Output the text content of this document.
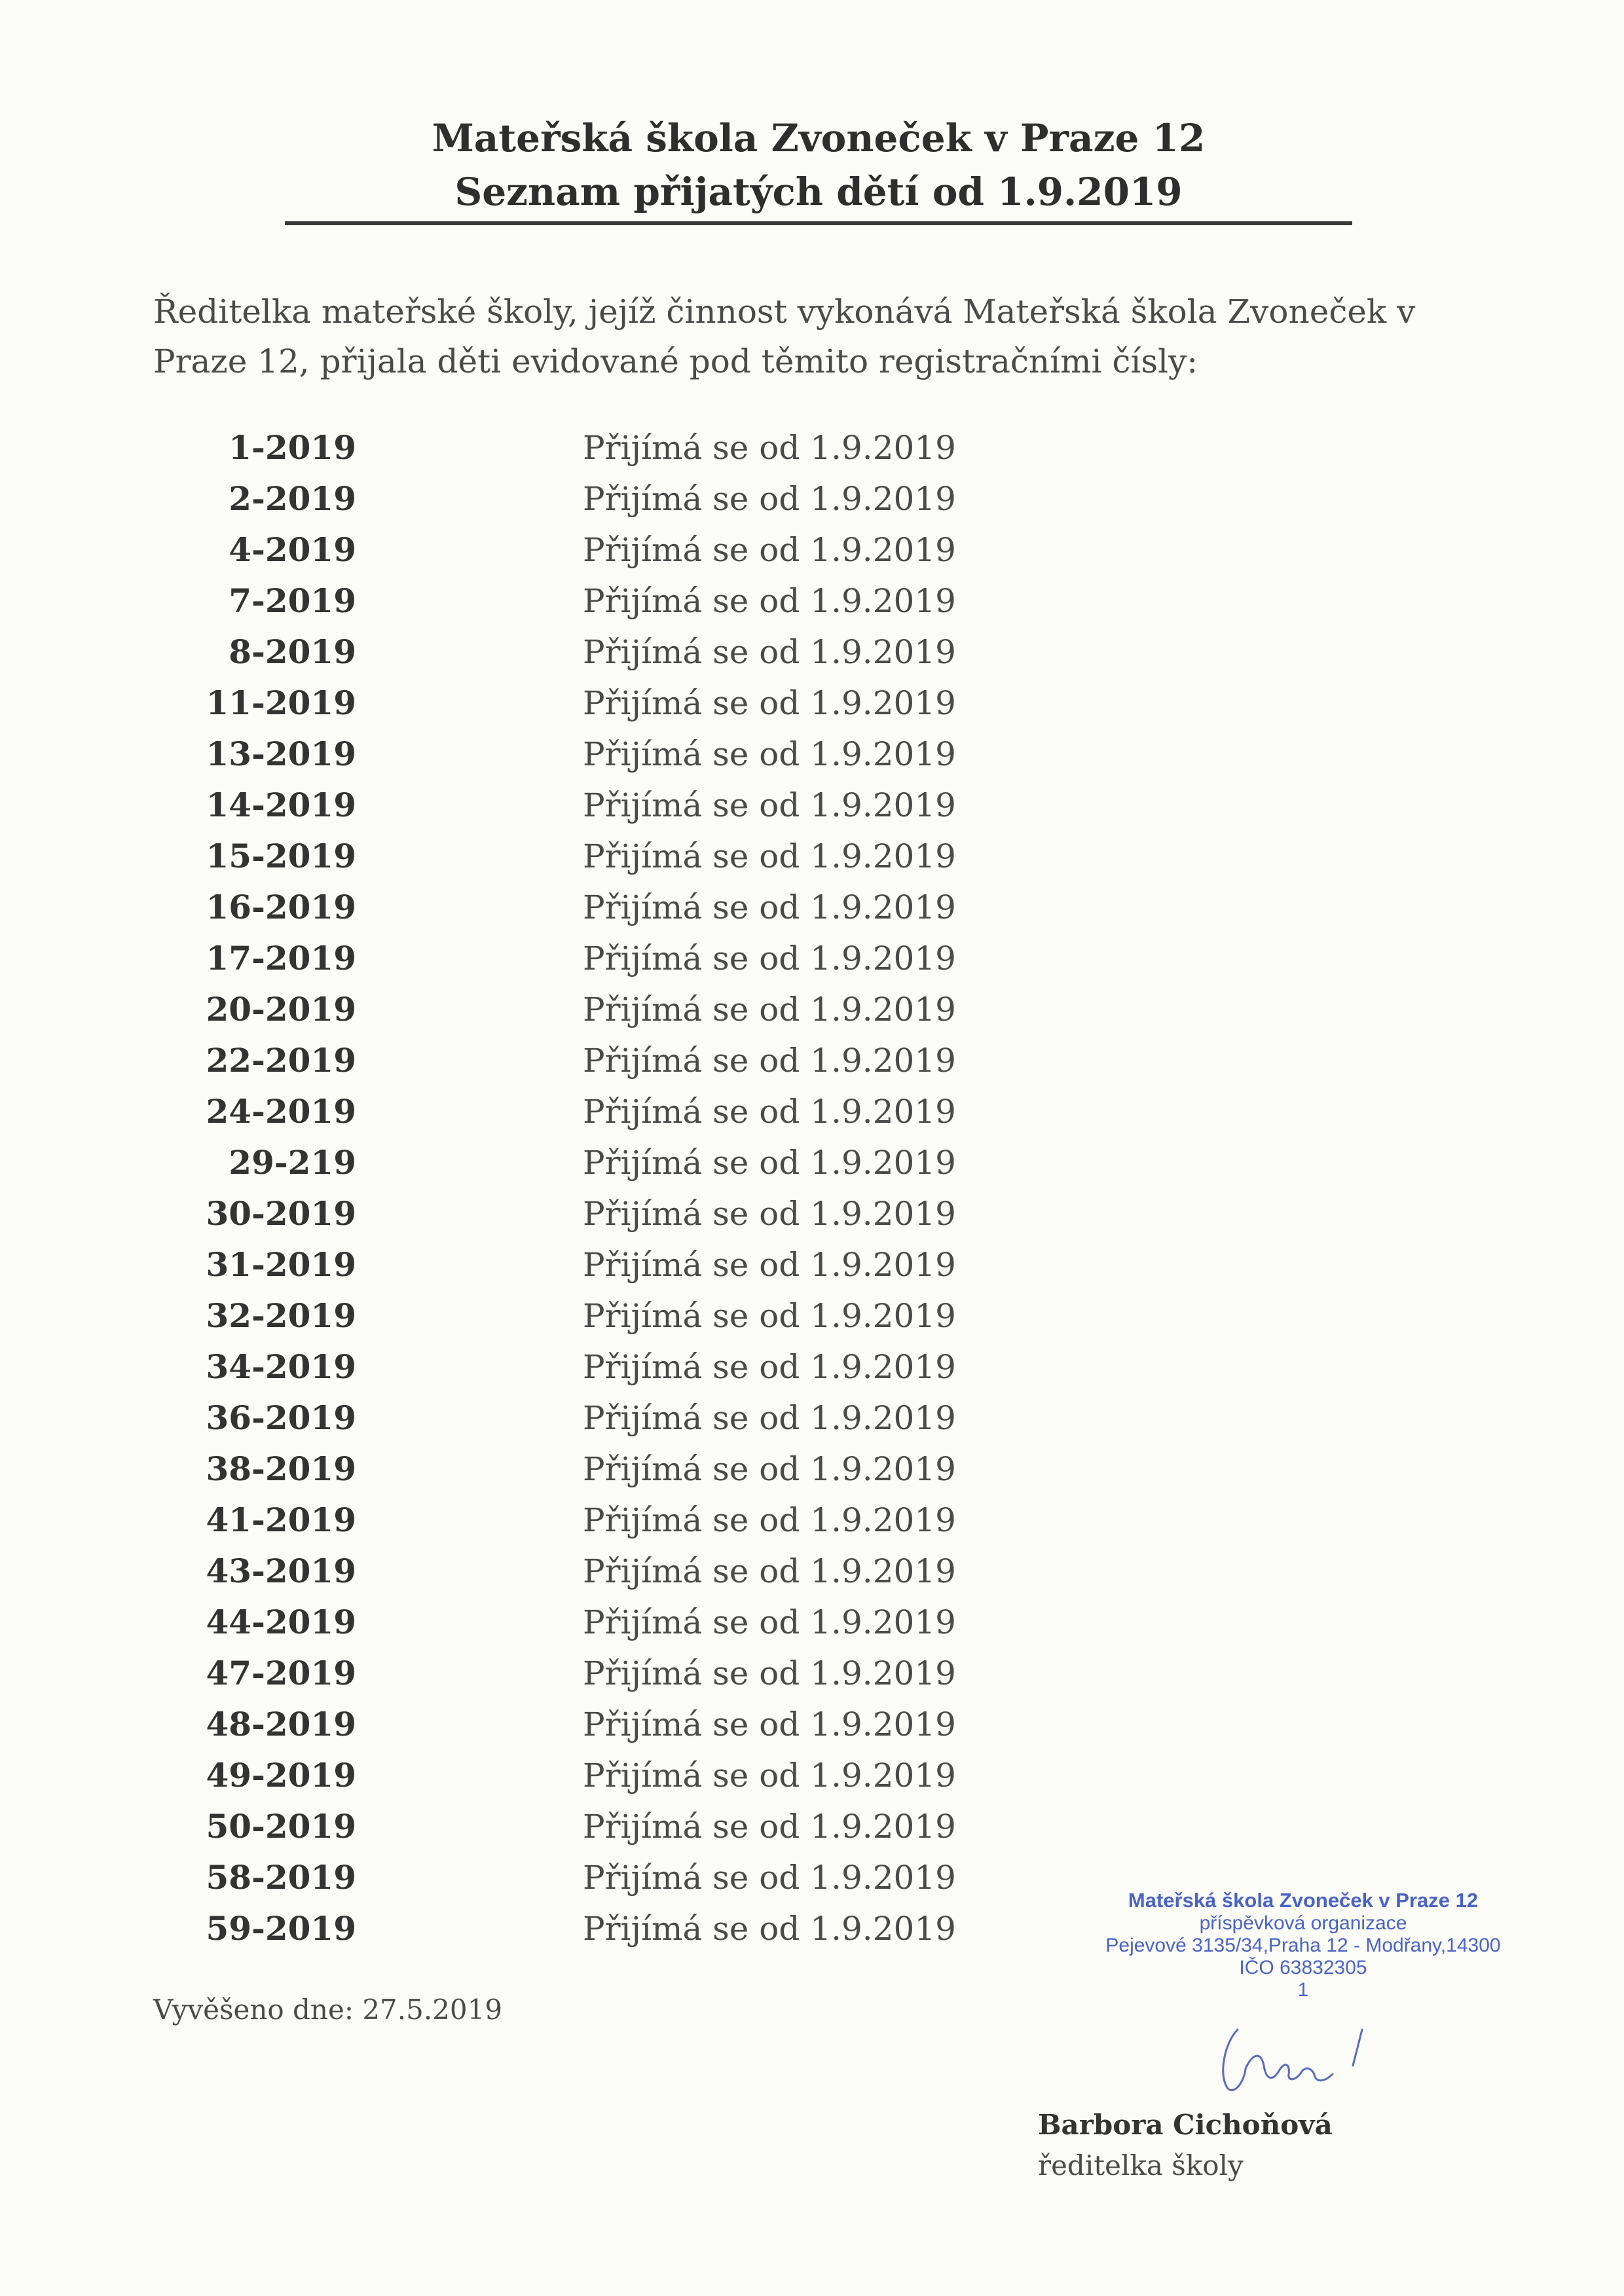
Mateřská škola Zvoneček v Praze 12
Seznam přijatých dětí od 1.9.2019
Ředitelka mateřské školy, jejíž činnost vykonává Mateřská škola Zvoneček v Praze 12, přijala děti evidované pod těmito registračními čísly:
1-2019	Přijímá se od 1.9.2019
2-2019	Přijímá se od 1.9.2019
4-2019	Přijímá se od 1.9.2019
7-2019	Přijímá se od 1.9.2019
8-2019	Přijímá se od 1.9.2019
11-2019	Přijímá se od 1.9.2019
13-2019	Přijímá se od 1.9.2019
14-2019	Přijímá se od 1.9.2019
15-2019	Přijímá se od 1.9.2019
16-2019	Přijímá se od 1.9.2019
17-2019	Přijímá se od 1.9.2019
20-2019	Přijímá se od 1.9.2019
22-2019	Přijímá se od 1.9.2019
24-2019	Přijímá se od 1.9.2019
29-219	Přijímá se od 1.9.2019
30-2019	Přijímá se od 1.9.2019
31-2019	Přijímá se od 1.9.2019
32-2019	Přijímá se od 1.9.2019
34-2019	Přijímá se od 1.9.2019
36-2019	Přijímá se od 1.9.2019
38-2019	Přijímá se od 1.9.2019
41-2019	Přijímá se od 1.9.2019
43-2019	Přijímá se od 1.9.2019
44-2019	Přijímá se od 1.9.2019
47-2019	Přijímá se od 1.9.2019
48-2019	Přijímá se od 1.9.2019
49-2019	Přijímá se od 1.9.2019
50-2019	Přijímá se od 1.9.2019
58-2019	Přijímá se od 1.9.2019
59-2019	Přijímá se od 1.9.2019
Vyvěšeno dne: 27.5.2019
Mateřská škola Zvoneček v Praze 12
příspěvková organizace
Pejevové 3135/34,Praha 12 - Modřany,14300
IČO 63832305
1
Barbora Cichoňová
ředitelka školy
